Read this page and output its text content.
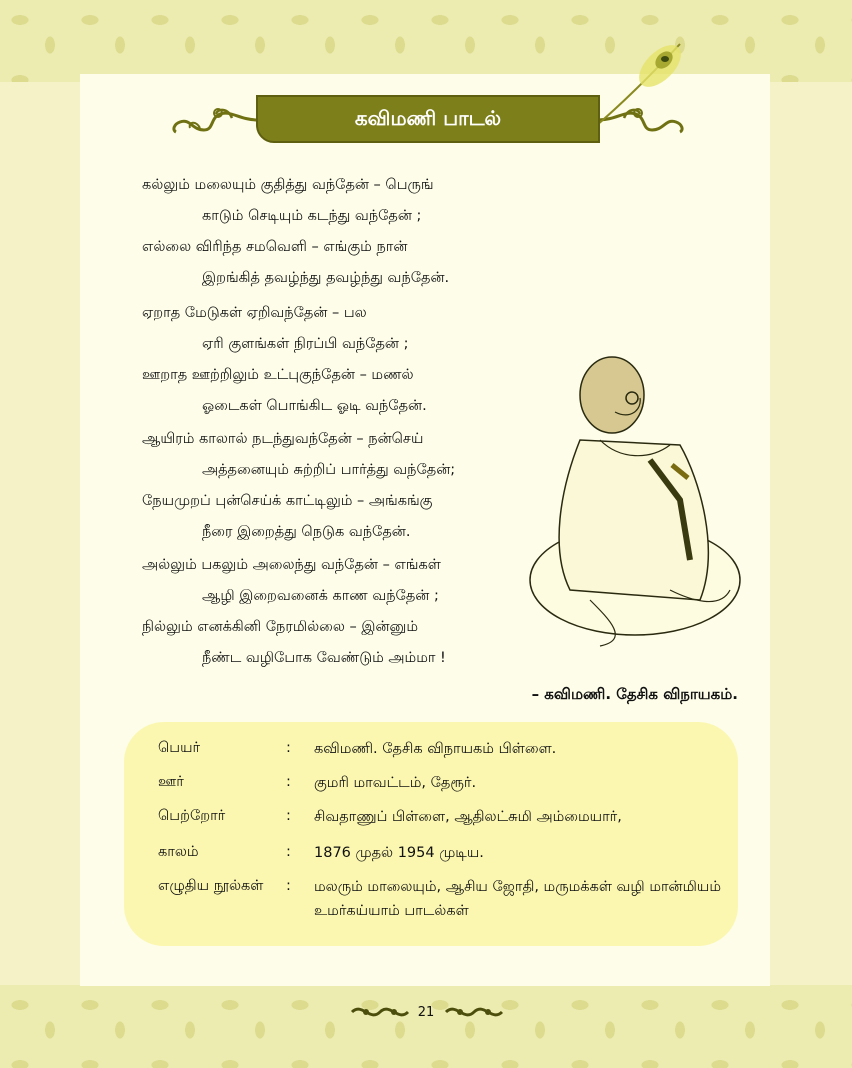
கவிமணி பாடல்
கல்லும் மலையும் குதித்து வந்தேன் – பெருங்
காடும் செடியும் கடந்து வந்தேன் ;
எல்லை விரிந்த சமவெளி – எங்கும் நான்
இறங்கித் தவழ்ந்து தவழ்ந்து வந்தேன்.
ஏறாத மேடுகள் ஏறிவந்தேன் – பல
ஏரி குளங்கள் நிரப்பி வந்தேன் ;
ஊறாத ஊற்றிலும் உட்புகுந்தேன் – மணல்
ஓடைகள் பொங்கிட ஓடி வந்தேன்.
ஆயிரம் காலால் நடந்துவந்தேன் – நன்செய்
அத்தனையும் சுற்றிப் பார்த்து வந்தேன்;
நேயமுறப் புன்செய்க் காட்டிலும் – அங்கங்கு
நீரை இறைத்து நெடுக வந்தேன்.
அல்லும் பகலும் அலைந்து வந்தேன் – எங்கள்
ஆழி இறைவனைக் காண வந்தேன் ;
நில்லும் எனக்கினி நேரமில்லை – இன்னும்
நீண்ட வழிபோக வேண்டும் அம்மா !
– கவிமணி. தேசிக விநாயகம்.
பெயர்	:	கவிமணி. தேசிக விநாயகம் பிள்ளை.
ஊர்	:	குமரி மாவட்டம், தேரூர்.
பெற்றோர்	:	சிவதாணுப் பிள்ளை, ஆதிலட்சுமி அம்மையார்,
காலம்	:	1876 முதல் 1954 முடிய.
எழுதிய நூல்கள்	:	மலரும் மாலையும், ஆசிய ஜோதி, மருமக்கள் வழி மான்மியம் உமர்கய்யாம் பாடல்கள்
21
